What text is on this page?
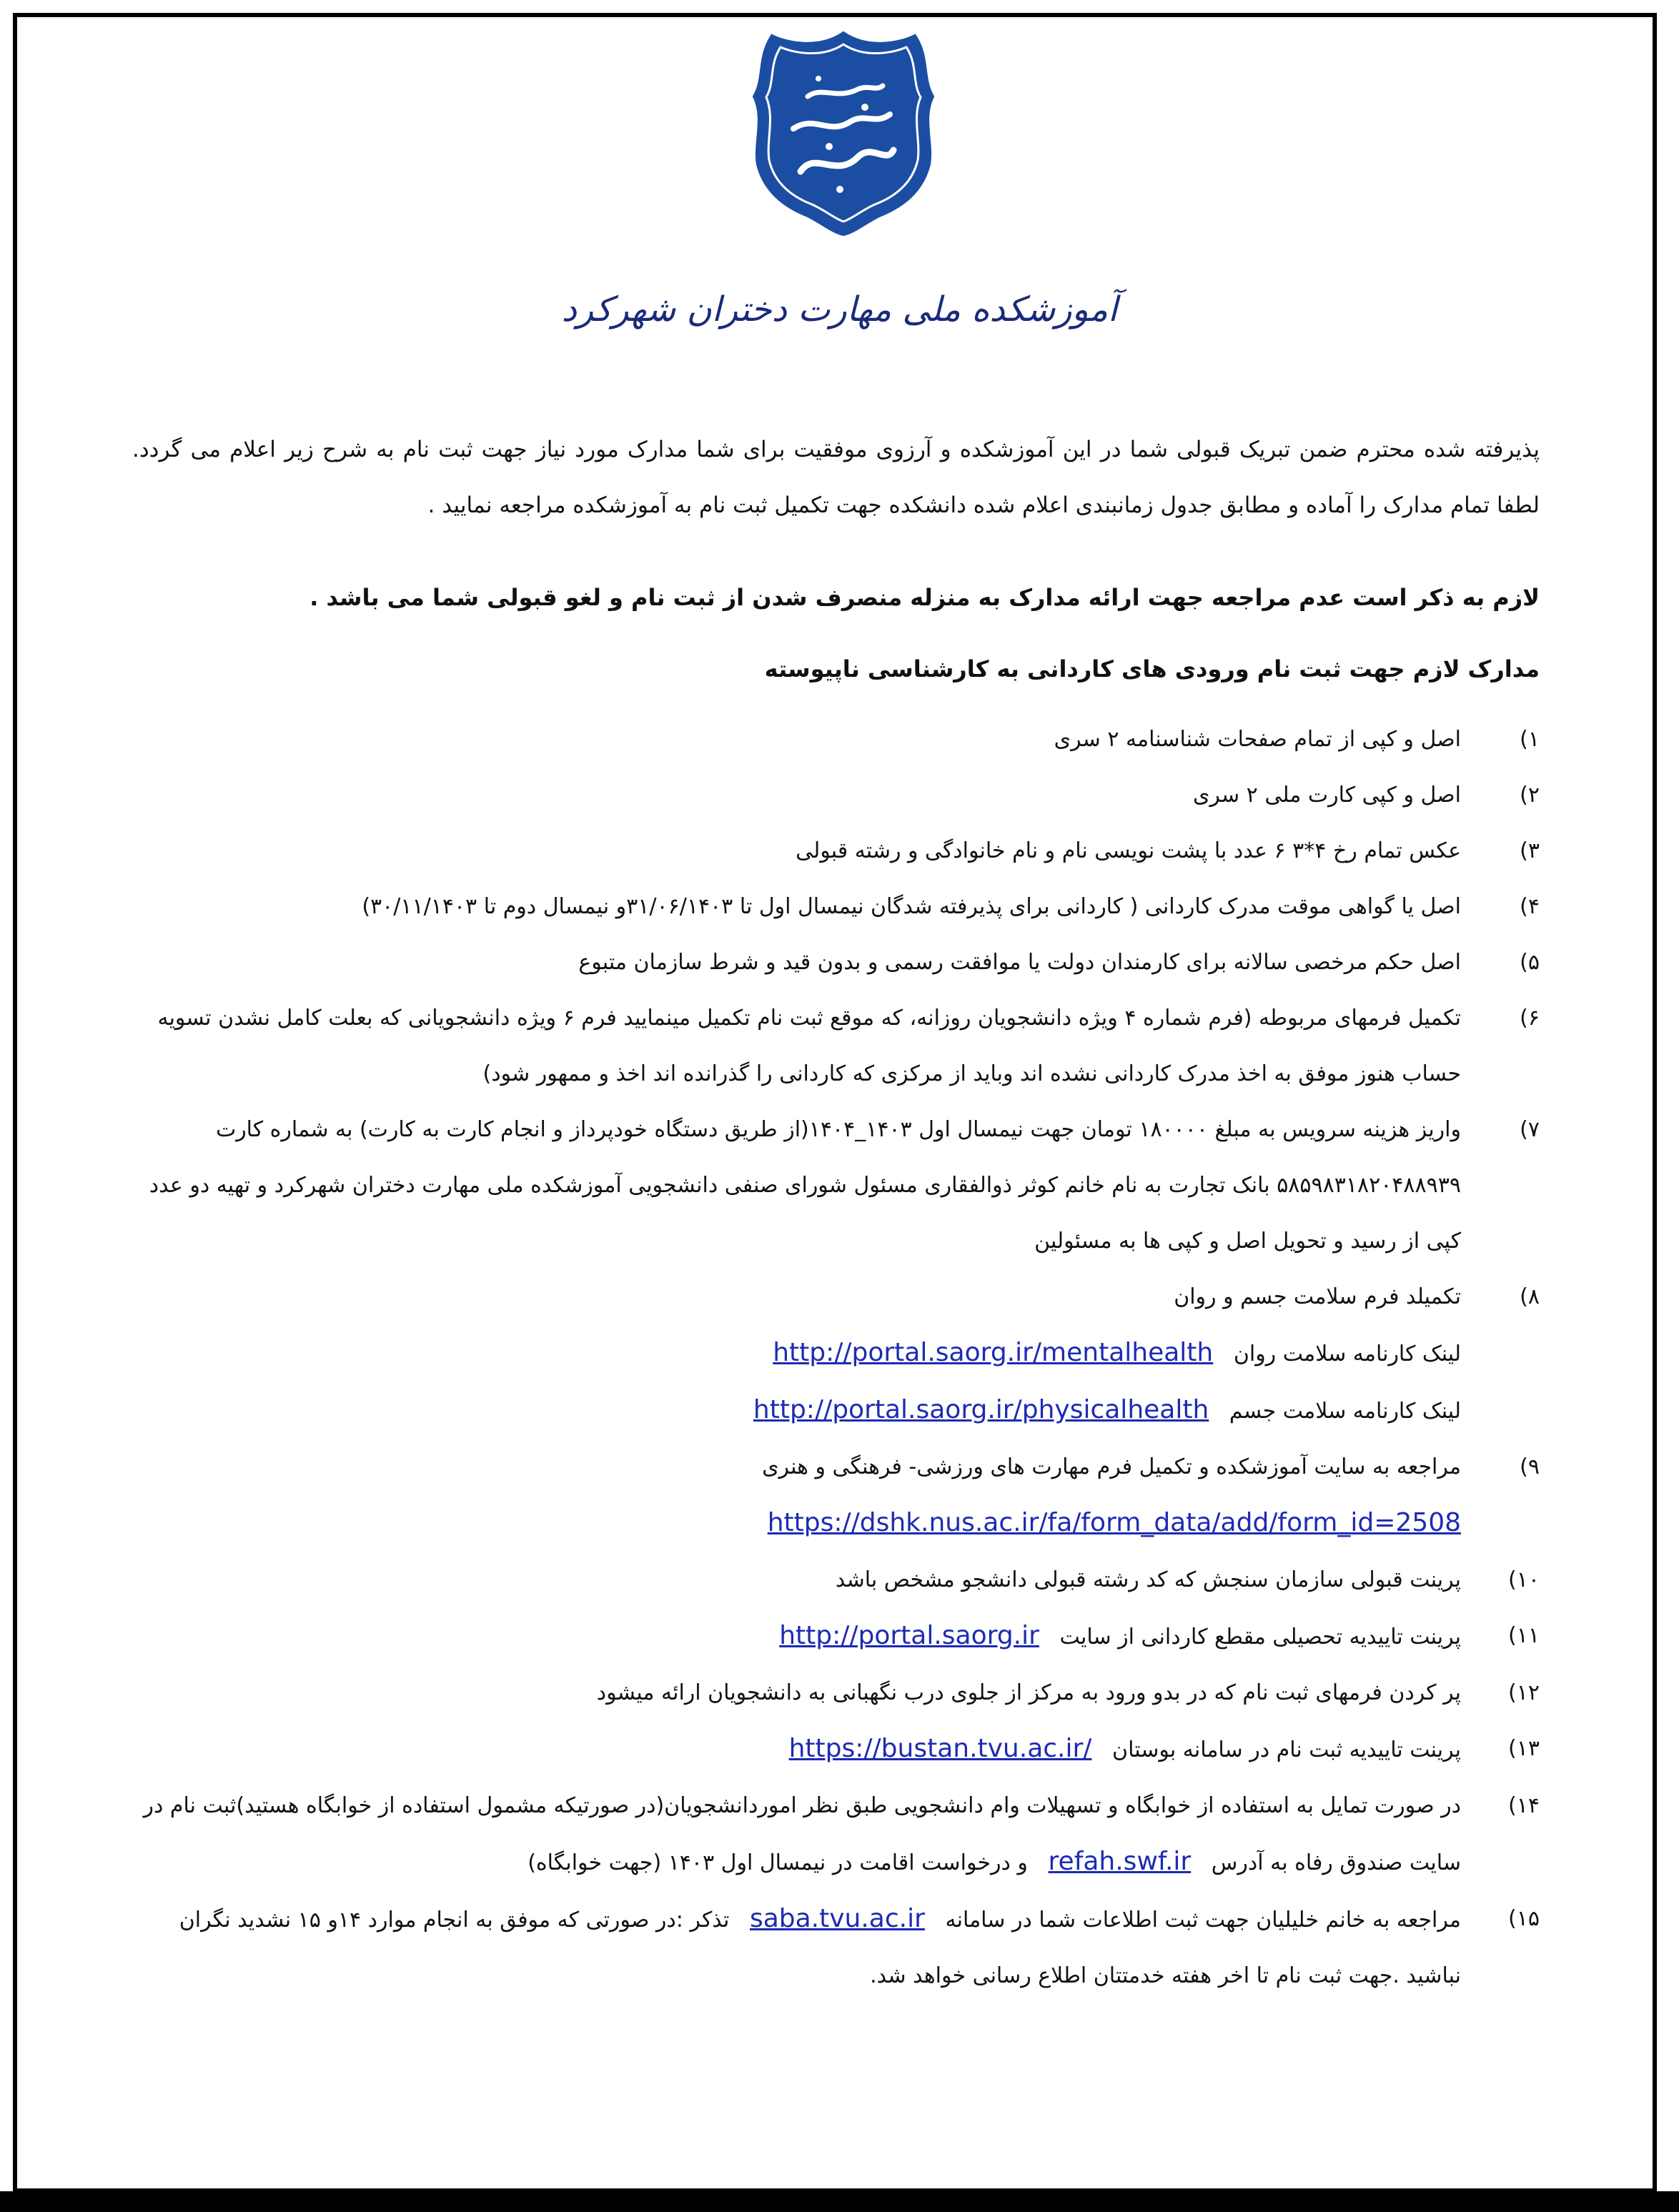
آموزشکده ملی مهارت دختران شهرکرد

پذیرفته شده محترم ضمن تبریک قبولی شما در این آموزشکده و آرزوی موفقیت برای شما مدارک مورد نیاز جهت ثبت نام به شرح زیر اعلام می گردد. لطفا تمام مدارک را آماده و مطابق جدول زمانبندی اعلام شده دانشکده جهت تکمیل ثبت نام به آموزشکده مراجعه نمایید .

لازم به ذکر است عدم مراجعه جهت ارائه مدارک به منزله منصرف شدن از ثبت نام و لغو قبولی شما می باشد .

مدارک لازم جهت ثبت نام ورودی های کاردانی به کارشناسی ناپیوسته

۱)
اصل و کپی از تمام صفحات شناسنامه ۲ سری
۲)
اصل و کپی کارت ملی ۲ سری
۳)
عکس تمام رخ ۴*۳ ۶ عدد با پشت نویسی نام و نام خانوادگی و رشته قبولی
۴)
اصل یا گواهی موقت مدرک کاردانی ( کاردانی برای پذیرفته شدگان نیمسال اول تا ۳۱/۰۶/۱۴۰۳و نیمسال دوم تا ۳۰/۱۱/۱۴۰۳)
۵)
اصل حکم مرخصی سالانه برای کارمندان دولت یا موافقت رسمی و بدون قید و شرط سازمان متبوع
۶)
تکمیل فرمهای مربوطه (فرم شماره ۴ ویژه دانشجویان روزانه، که موقع ثبت نام تکمیل مینمایید فرم ۶ ویژه دانشجویانی که بعلت کامل نشدن تسویه حساب هنوز موفق به اخذ مدرک کاردانی نشده اند وباید از مرکزی که کاردانی را گذرانده اند اخذ و ممهور شود)
۷)
واریز هزینه سرویس به مبلغ ۱۸۰۰۰۰ تومان جهت نیمسال اول ۱۴۰۳_۱۴۰۴(از طریق دستگاه خودپرداز و انجام کارت به کارت) به شماره کارت ۵۸۵۹۸۳۱۸۲۰۴۸۸۹۳۹ بانک تجارت به نام خانم کوثر ذوالفقاری مسئول شورای صنفی دانشجویی آموزشکده ملی مهارت دختران شهرکرد و تهیه دو عدد کپی از رسید و تحویل اصل و کپی ها به مسئولین
۸)
تکمیلد فرم سلامت جسم و روان
لینک کارنامه سلامت روان   http://portal.saorg.ir/mentalhealth
لینک کارنامه سلامت جسم   http://portal.saorg.ir/physicalhealth
۹)
مراجعه به سایت آموزشکده و تکمیل فرم مهارت های ورزشی- فرهنگی و هنری
https://dshk.nus.ac.ir/fa/form_data/add/form_id=2508
۱۰)
پرینت قبولی سازمان سنجش که کد رشته قبولی دانشجو مشخص باشد
۱۱)
پرینت تاییدیه تحصیلی مقطع کاردانی از سایت   http://portal.saorg.ir
۱۲)
پر کردن فرمهای ثبت نام که در بدو ورود به مرکز از جلوی درب نگهبانی به دانشجویان ارائه میشود
۱۳)
پرینت تاییدیه ثبت نام در سامانه بوستان   https://bustan.tvu.ac.ir/
۱۴)
در صورت تمایل به استفاده از خوابگاه و تسهیلات وام دانشجویی طبق نظر اموردانشجویان(در صورتیکه مشمول استفاده از خوابگاه هستید)ثبت نام در سایت صندوق رفاه به آدرس   refah.swf.ir   و درخواست اقامت در نیمسال اول ۱۴۰۳ (جهت خوابگاه)
۱۵)
مراجعه به خانم خلیلیان جهت ثبت اطلاعات شما در سامانه   saba.tvu.ac.ir   تذکر :در صورتی که موفق به انجام موارد ۱۴و ۱۵ نشدید نگران نباشید .جهت ثبت نام تا اخر هفته خدمتتان اطلاع رسانی خواهد شد.
